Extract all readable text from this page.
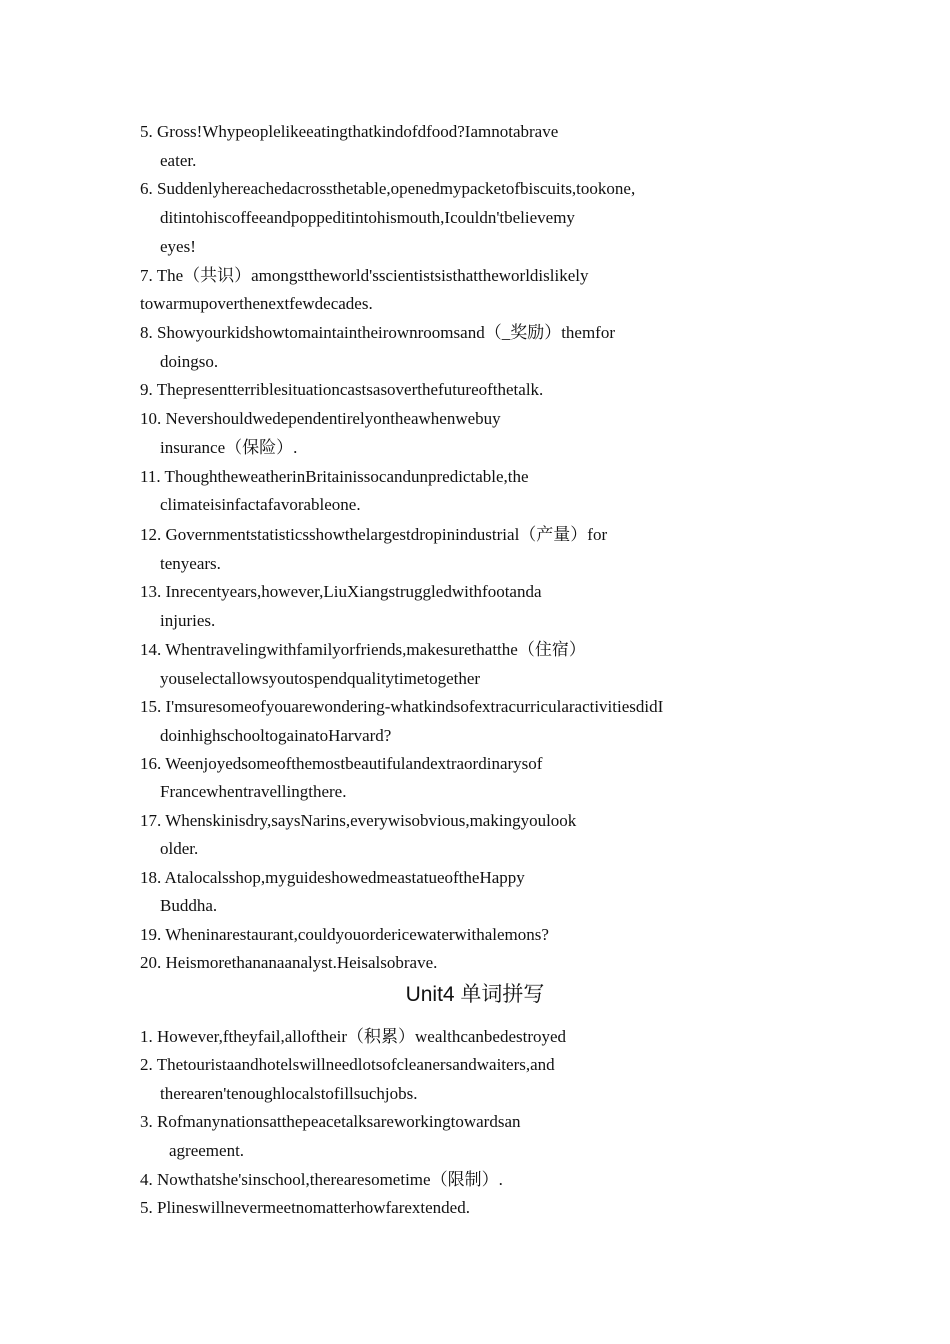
5. Gross!Whypeoplelikeeatingthatkindofdfood?Iamnotabrave
eater.
6. Suddenlyhereachedacrossthetable,openedmypacketofbiscuits,tookone,
ditintohiscoffeeandpoppeditintohismouth,Icouldn'tbelievemy
eyes!
7. The（共识）amongsttheworld'sscientistsisthattheworldislikely
towarmupoverthenextfewdecades.
8. Showyourkidshowtomaintaintheirownroomsand（_奖励）themfor
doingso.
9. Thepresentterriblesituationcastsasoverthefutureofthetalk.
10. Nevershouldwedependentirelyontheawhenwebuy
insurance（保险）.
11. ThoughtheweatherinBritainissocandunpredictable,the
climateisinfactafavorableone.
12. Governmentstatisticsshowthelargestdropinindustrial（产量）for
tenyears.
13. Inrecentyears,however,LiuXiangstruggledwithfootanda
injuries.
14. Whentravelingwithfamilyorfriends,makesurethatthe（住宿）
youselectallowsyoutospendqualitytimetogether
15. I'msuresomeofyouarewondering-whatkindsofextracurricularactivitiesdidI
doinhighschooltogainatoHarvard?
16. Weenjoyedsomeofthemostbeautifulandextraordinarysof
Francewhentravellingthere.
17. Whenskinisdry,saysNarins,everywisobvious,makingyoulook
older.
18. Atalocalsshop,myguideshowedmeastatueoftheHappy
Buddha.
19. Wheninarestaurant,couldyouordericewaterwithalemons?
20. Heismorethananaanalyst.Heisalsobrave.
Unit4 单词拼写
1. However,ftheyfail,alloftheir（积累）wealthcanbedestroyed
2. Thetouristaandhotelswillneedlotsofcleanersandwaiters,and
therearen'tenoughlocalstofillsuchjobs.
3. Rofmanynationsatthepeacetalksareworkingtowardsan
agreement.
4. Nowthatshe'sinschool,therearesometime（限制）.
5. Plineswillnevermeetnomatterhowfarextended.
